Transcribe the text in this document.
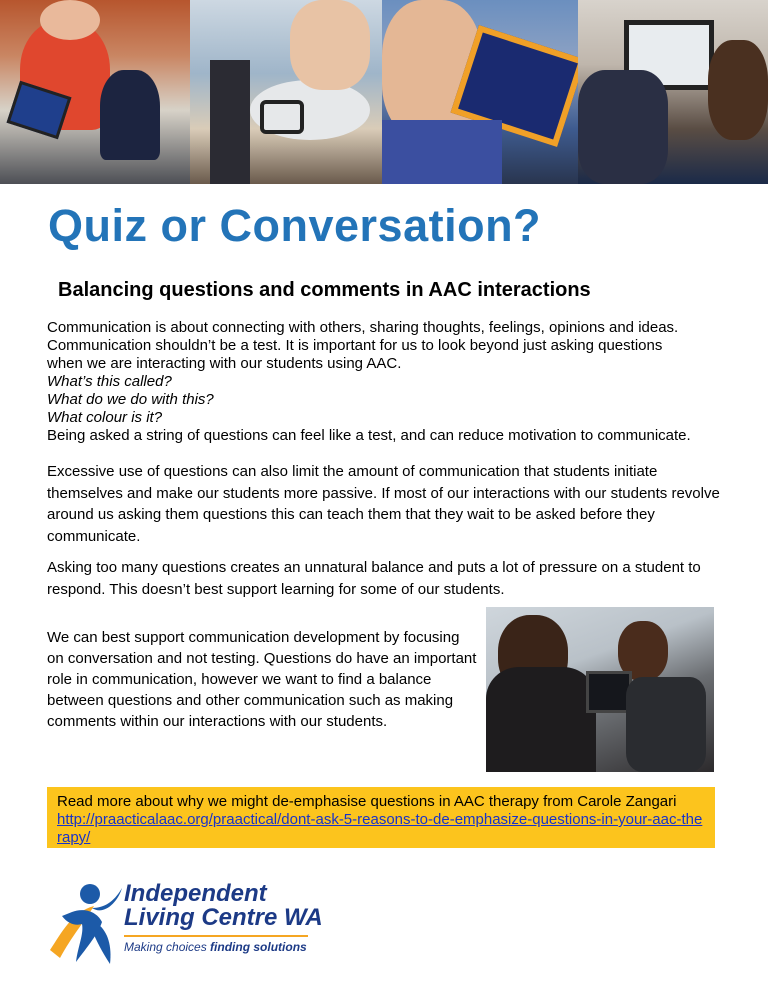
Quiz or Conversation?
Balancing questions and comments in AAC interactions

Communication is about connecting with others, sharing thoughts, feelings, opinions and ideas.

Communication shouldn’t be a test. It is important for us to look beyond just asking questions

when we are interacting with our students using AAC.

What’s this called?

What do we do with this?

What colour is it?

Being asked a string of questions can feel like a test, and can reduce motivation to communicate.

Excessive use of questions can also limit the amount of communication that students initiate themselves and make our students more passive. If most of our interactions with our students revolve around us asking them questions this can teach them that they wait to be asked before they communicate.

Asking too many questions creates an unnatural balance and puts a lot of pressure on a student to respond. This doesn’t best support learning for some of our students.

We can best support communication development by focusing on conversation and not testing. Questions do have an important role in communication, however we want to find a balance between questions and other communication such as making comments within our interactions with our students.

Read more about why we might de-emphasise questions in AAC therapy from Carole Zangari
http://praacticalaac.org/praactical/dont-ask-5-reasons-to-de-emphasize-questions-in-your-aac-therapy/
Independent
Living Centre WA
Making choices finding solutions
